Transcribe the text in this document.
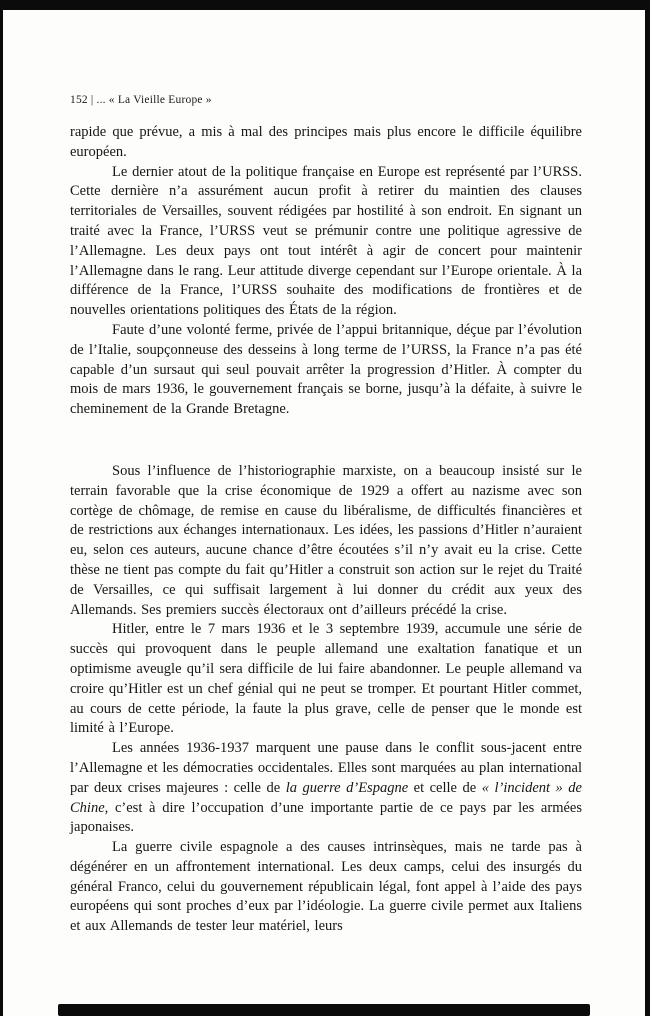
152 | ... « La Vieille Europe »

rapide que prévue, a mis à mal des principes mais plus encore le difficile équilibre européen.

Le dernier atout de la politique française en Europe est représenté par l’URSS. Cette dernière n’a assurément aucun profit à retirer du maintien des clauses territoriales de Versailles, souvent rédigées par hostilité à son endroit. En signant un traité avec la France, l’URSS veut se prémunir contre une politique agressive de l’Allemagne. Les deux pays ont tout intérêt à agir de concert pour maintenir l’Allemagne dans le rang. Leur attitude diverge cependant sur l’Europe orientale. À la différence de la France, l’URSS souhaite des modifications de frontières et de nouvelles orientations politiques des États de la région.

Faute d’une volonté ferme, privée de l’appui britannique, déçue par l’évolution de l’Italie, soupçonneuse des desseins à long terme de l’URSS, la France n’a pas été capable d’un sursaut qui seul pouvait arrêter la progression d’Hitler. À compter du mois de mars 1936, le gouvernement français se borne, jusqu’à la défaite, à suivre le cheminement de la Grande Bretagne.

Sous l’influence de l’historiographie marxiste, on a beaucoup insisté sur le terrain favorable que la crise économique de 1929 a offert au nazisme avec son cortège de chômage, de remise en cause du libéralisme, de difficultés financières et de restrictions aux échanges internationaux. Les idées, les passions d’Hitler n’auraient eu, selon ces auteurs, aucune chance d’être écoutées s’il n’y avait eu la crise. Cette thèse ne tient pas compte du fait qu’Hitler a construit son action sur le rejet du Traité de Versailles, ce qui suffisait largement à lui donner du crédit aux yeux des Allemands. Ses premiers succès électoraux ont d’ailleurs précédé la crise.

Hitler, entre le 7 mars 1936 et le 3 septembre 1939, accumule une série de succès qui provoquent dans le peuple allemand une exaltation fanatique et un optimisme aveugle qu’il sera difficile de lui faire abandonner. Le peuple allemand va croire qu’Hitler est un chef génial qui ne peut se tromper. Et pourtant Hitler commet, au cours de cette période, la faute la plus grave, celle de penser que le monde est limité à l’Europe.

Les années 1936-1937 marquent une pause dans le conflit sous-jacent entre l’Allemagne et les démocraties occidentales. Elles sont marquées au plan international par deux crises majeures : celle de la guerre d’Espagne et celle de « l’incident » de Chine, c’est à dire l’occupation d’une importante partie de ce pays par les armées japonaises.

La guerre civile espagnole a des causes intrinsèques, mais ne tarde pas à dégénérer en un affrontement international. Les deux camps, celui des insurgés du général Franco, celui du gouvernement républicain légal, font appel à l’aide des pays européens qui sont proches d’eux par l’idéologie. La guerre civile permet aux Italiens et aux Allemands de tester leur matériel, leurs
